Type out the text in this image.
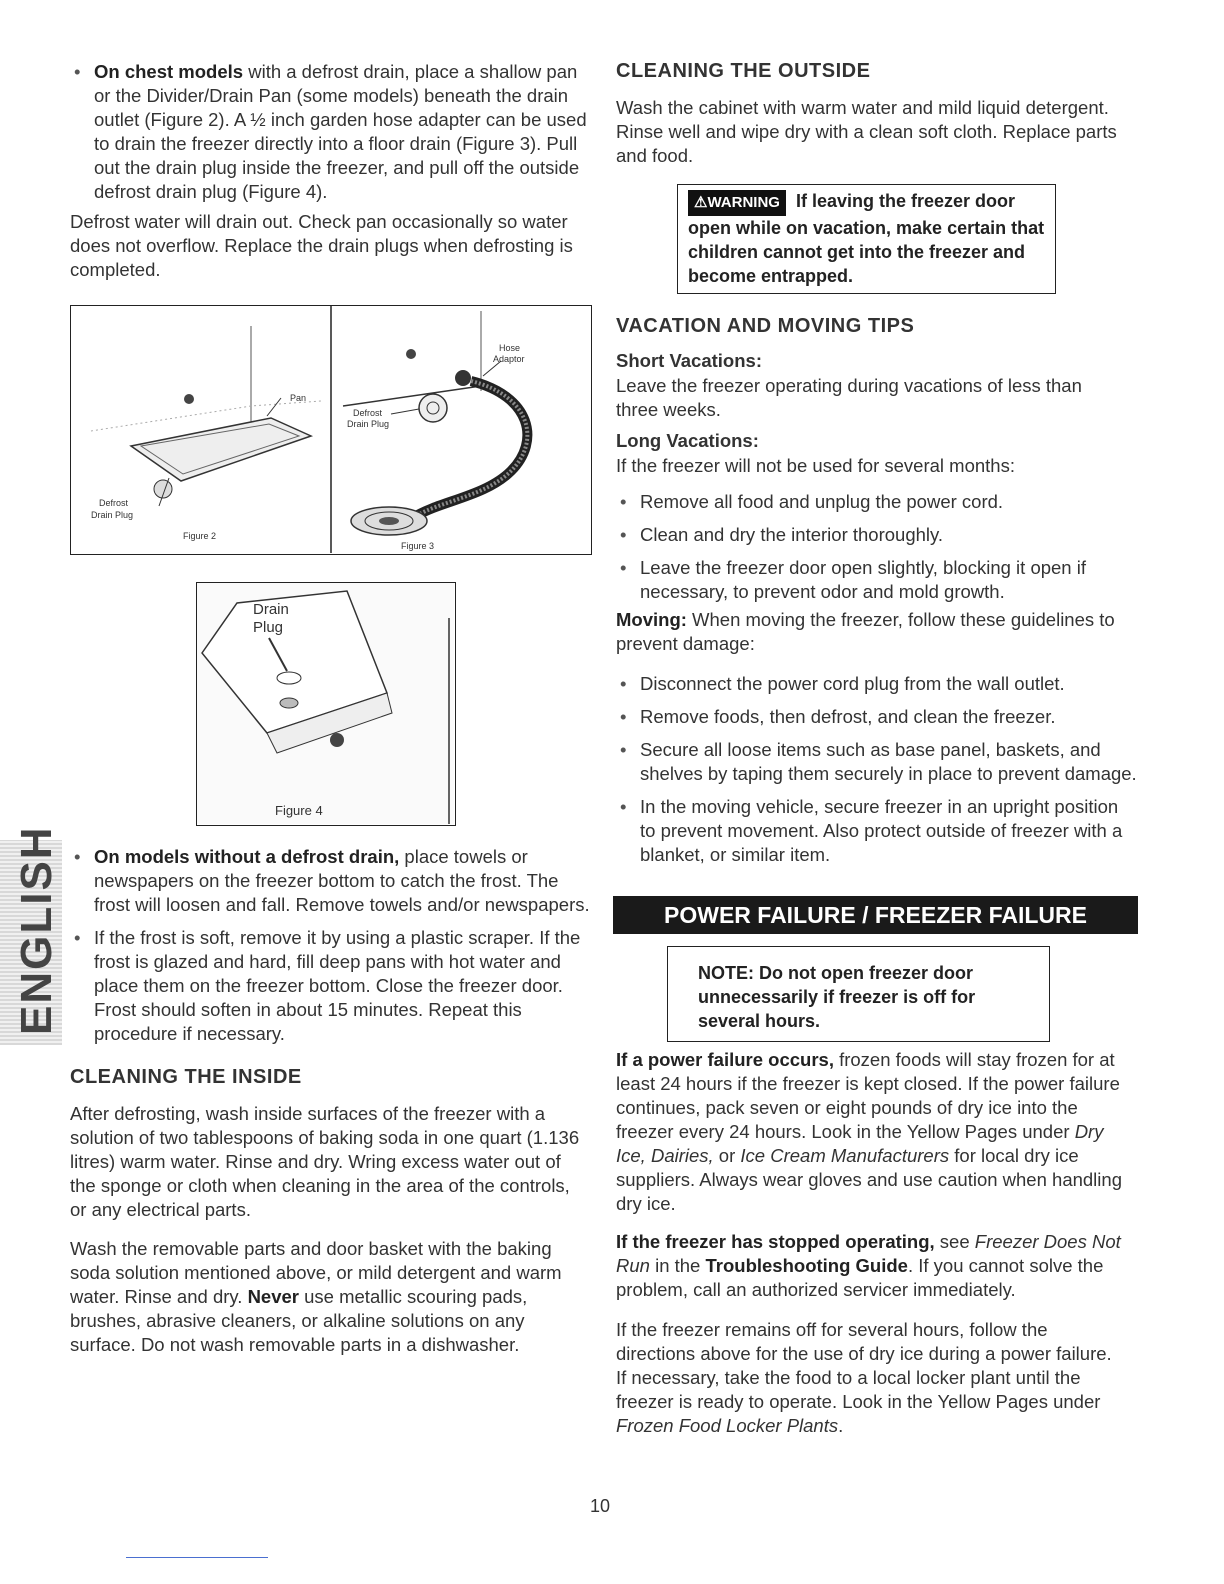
• On chest models with a defrost drain, place a shallow pan or the Divider/Drain Pan (some models) beneath the drain outlet (Figure 2). A ½ inch garden hose adapter can be used to drain the freezer directly into a floor drain (Figure 3). Pull out the drain plug inside the freezer, and pull off the outside defrost drain plug (Figure 4).

Defrost water will drain out. Check pan occasionally so water does not overflow. Replace the drain plugs when defrosting is completed.

Pan
Defrost
Drain Plug
Figure 2
Hose
Adaptor
Defrost
Drain Plug
Figure 3
Drain
Plug
Figure 4
• On models without a defrost drain, place towels or newspapers on the freezer bottom to catch the frost. The frost will loosen and fall. Remove towels and/or newspapers.
• If the frost is soft, remove it by using a plastic scraper. If the frost is glazed and hard, fill deep pans with hot water and place them on the freezer bottom. Close the freezer door. Frost should soften in about 15 minutes. Repeat this procedure if necessary.
ENGLISH
CLEANING THE INSIDE

After defrosting, wash inside surfaces of the freezer with a solution of two tablespoons of baking soda in one quart (1.136 litres) warm water. Rinse and dry. Wring excess water out of the sponge or cloth when cleaning in the area of the controls, or any electrical parts.

Wash the removable parts and door basket with the baking soda solution mentioned above, or mild detergent and warm water. Rinse and dry. Never use metallic scouring pads, brushes, abrasive cleaners, or alkaline solutions on any surface. Do not wash removable parts in a dishwasher.

CLEANING THE OUTSIDE

Wash the cabinet with warm water and mild liquid detergent. Rinse well and wipe dry with a clean soft cloth. Replace parts and food.

⚠WARNING If leaving the freezer door open while on vacation, make certain that children cannot get into the freezer and become entrapped.
VACATION AND MOVING TIPS
Short Vacations:

Leave the freezer operating during vacations of less than three weeks.

Long Vacations:

If the freezer will not be used for several months:

• Remove all food and unplug the power cord.
• Clean and dry the interior thoroughly.
• Leave the freezer door open slightly, blocking it open if necessary, to prevent odor and mold growth.

Moving: When moving the freezer, follow these guidelines to prevent damage:

• Disconnect the power cord plug from the wall outlet.
• Remove foods, then defrost, and clean the freezer.
• Secure all loose items such as base panel, baskets, and shelves by taping them securely in place to prevent damage.
• In the moving vehicle, secure freezer in an upright position to prevent movement. Also protect outside of freezer with a blanket, or similar item.
POWER FAILURE / FREEZER FAILURE
NOTE: Do not open freezer door unnecessarily if freezer is off for several hours.

If a power failure occurs, frozen foods will stay frozen for at least 24 hours if the freezer is kept closed. If the power failure continues, pack seven or eight pounds of dry ice into the freezer every 24 hours. Look in the Yellow Pages under Dry Ice, Dairies, or Ice Cream Manufacturers for local dry ice suppliers. Always wear gloves and use caution when handling dry ice.

If the freezer has stopped operating, see Freezer Does Not Run in the Troubleshooting Guide. If you cannot solve the problem, call an authorized servicer immediately.

If the freezer remains off for several hours, follow the directions above for the use of dry ice during a power failure. If necessary, take the food to a local locker plant until the freezer is ready to operate. Look in the Yellow Pages under Frozen Food Locker Plants.

10
